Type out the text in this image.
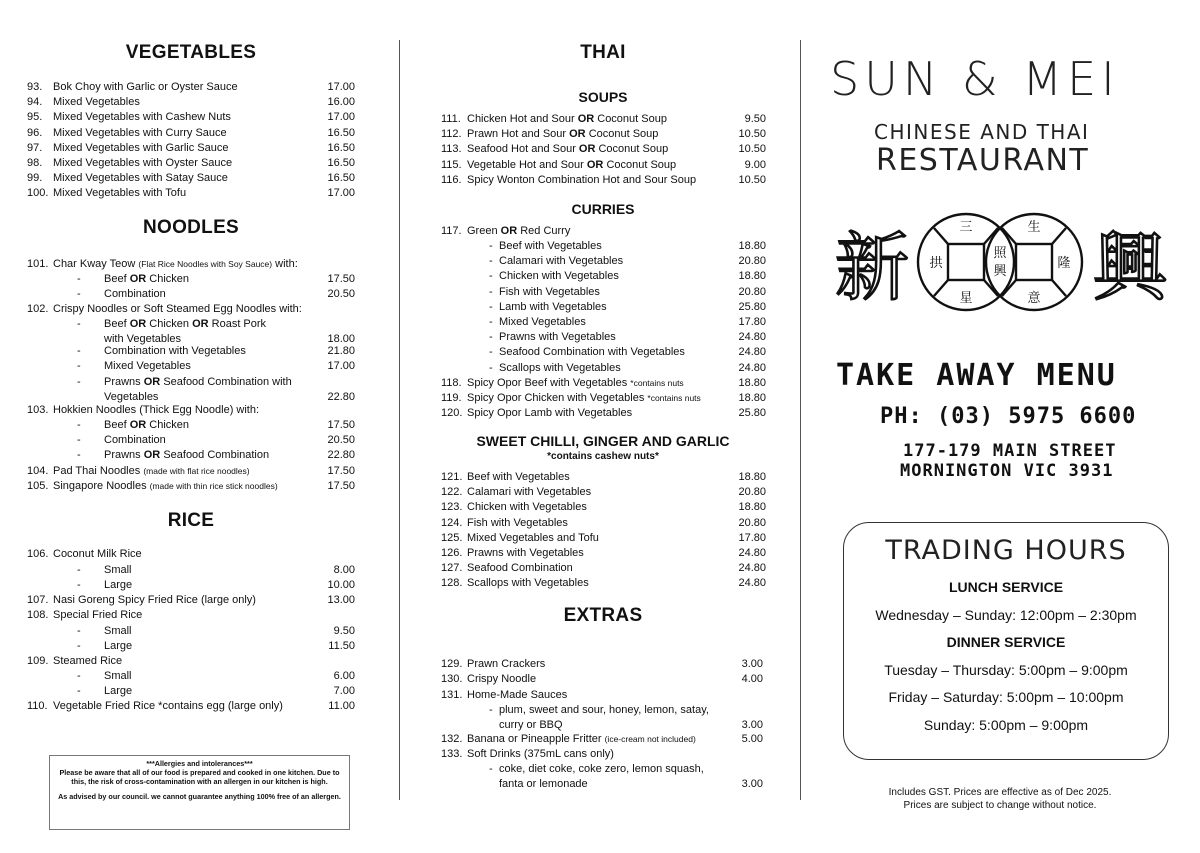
VEGETABLES
93. Bok Choy with Garlic or Oyster Sauce	17.00
94. Mixed Vegetables	16.00
95. Mixed Vegetables with Cashew Nuts	17.00
96. Mixed Vegetables with Curry Sauce	16.50
97. Mixed Vegetables with Garlic Sauce	16.50
98. Mixed Vegetables with Oyster Sauce	16.50
99. Mixed Vegetables with Satay Sauce	16.50
100. Mixed Vegetables with Tofu	17.00
NOODLES
101. Char Kway Teow (Flat Rice Noodles with Soy Sauce) with:
- Beef OR Chicken	17.50
- Combination	20.50
102. Crispy Noodles or Soft Steamed Egg Noodles with:
- Beef OR Chicken OR Roast Pork
with Vegetables	18.00
- Combination with Vegetables	21.80
- Mixed Vegetables	17.00
- Prawns OR Seafood Combination with
Vegetables	22.80
103. Hokkien Noodles (Thick Egg Noodle) with:
- Beef OR Chicken	17.50
- Combination	20.50
- Prawns OR Seafood Combination	22.80
104. Pad Thai Noodles (made with flat rice noodles)	17.50
105. Singapore Noodles (made with thin rice stick noodles)	17.50
RICE
106. Coconut Milk Rice
- Small	8.00
- Large	10.00
107. Nasi Goreng Spicy Fried Rice (large only)	13.00
108. Special Fried Rice
- Small	9.50
- Large	11.50
109. Steamed Rice
- Small	6.00
- Large	7.00
110. Vegetable Fried Rice *contains egg (large only)	11.00

***Allergies and intolerances***

Please be aware that all of our food is prepared and cooked in one kitchen. Due to this, the risk of cross-contamination with an allergen in our kitchen is high.

As advised by our council. we cannot guarantee anything 100% free of an allergen.

THAI
SOUPS
111. Chicken Hot and Sour OR Coconut Soup	9.50
112. Prawn Hot and Sour OR Coconut Soup	10.50
113. Seafood Hot and Sour OR Coconut Soup	10.50
115. Vegetable Hot and Sour OR Coconut Soup	9.00
116. Spicy Wonton Combination Hot and Sour Soup	10.50
CURRIES
117. Green OR Red Curry
- Beef with Vegetables	18.80
- Calamari with Vegetables	20.80
- Chicken with Vegetables	18.80
- Fish with Vegetables	20.80
- Lamb with Vegetables	25.80
- Mixed Vegetables	17.80
- Prawns with Vegetables	24.80
- Seafood Combination with Vegetables	24.80
- Scallops with Vegetables	24.80
118. Spicy Opor Beef with Vegetables *contains nuts	18.80
119. Spicy Opor Chicken with Vegetables *contains nuts	18.80
120. Spicy Opor Lamb with Vegetables	25.80
SWEET CHILLI, GINGER AND GARLIC
*contains cashew nuts*
121. Beef with Vegetables	18.80
122. Calamari with Vegetables	20.80
123. Chicken with Vegetables	18.80
124. Fish with Vegetables	20.80
125. Mixed Vegetables and Tofu	17.80
126. Prawns with Vegetables	24.80
127. Seafood Combination	24.80
128. Scallops with Vegetables	24.80
EXTRAS
129. Prawn Crackers	3.00
130. Crispy Noodle	4.00
131. Home-Made Sauces
- plum, sweet and sour, honey, lemon, satay,
curry or BBQ	3.00
132. Banana or Pineapple Fritter (ice-cream not included)	5.00
133. Soft Drinks (375mL cans only)
- coke, diet coke, coke zero, lemon squash,
fanta or lemonade	3.00
SUN & MEI
CHINESE AND THAI
RESTAURANT
新 興
三	生
拱
照
興
隆
星	意
TAKE AWAY MENU
PH: (03) 5975 6600
177-179 MAIN STREET
MORNINGTON VIC 3931
TRADING HOURS
LUNCH SERVICE
Wednesday – Sunday: 12:00pm – 2:30pm
DINNER SERVICE
Tuesday – Thursday: 5:00pm – 9:00pm
Friday – Saturday: 5:00pm – 10:00pm
Sunday: 5:00pm – 9:00pm
Includes GST. Prices are effective as of Dec 2025.
Prices are subject to change without notice.
